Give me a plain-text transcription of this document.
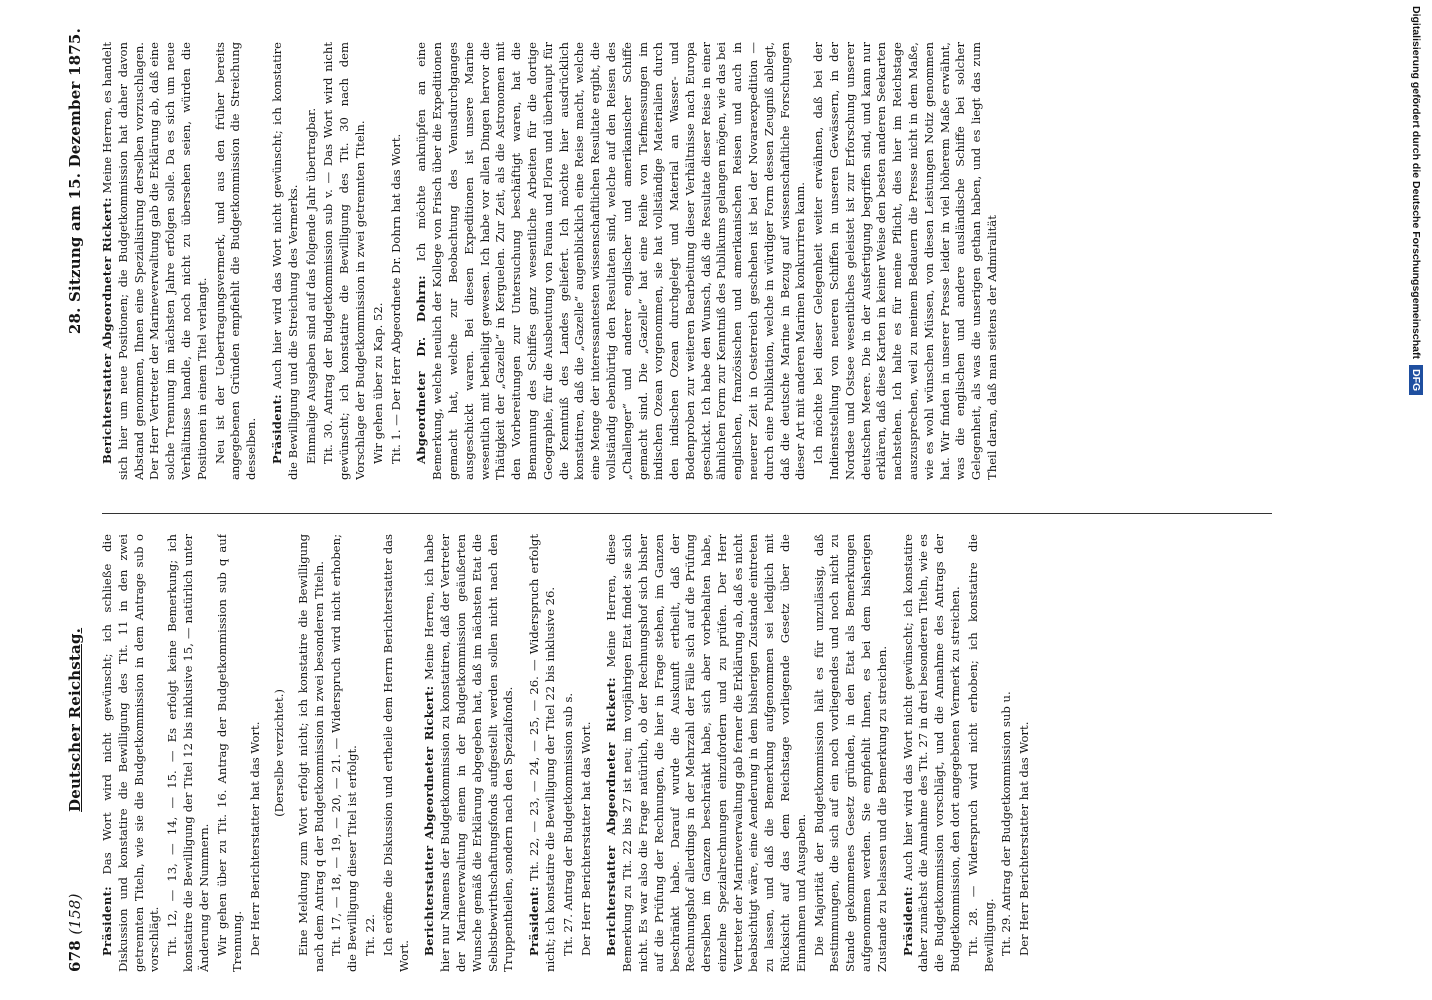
678 (158)
Deutscher Reichstag.
28. Sitzung am 15. Dezember 1875.

Präsident: Das Wort wird nicht gewünscht; ich schließe die Diskussion und konstatire die Bewilligung des Tit. 11 in den zwei getrennten Titeln, wie sie die Budgetkommission in dem Antrage sub o vorschlägt. Tit. 12, — 13, — 14, — 15. — Es erfolgt keine Bemerkung; ich konstatire die Bewilligung der Titel 12 bis inklusive 15, — natürlich unter Änderung der Nummern. Wir gehen über zu Tit. 16. Antrag der Budgetkommission sub q auf Trennung. Der Herr Berichterstatter hat das Wort. (Derselbe verzichtet.) Eine Meldung zum Wort erfolgt nicht; ich konstatire die Bewilligung nach dem Antrag q der Budgetkommission in zwei besonderen Titeln. Tit. 17, — 18, — 19, — 20, — 21. — Widerspruch wird nicht erhoben; die Bewilligung dieser Titel ist erfolgt. Tit. 22. Ich eröffne die Diskussion und ertheile dem Herrn Berichterstatter das Wort. Berichterstatter Abgeordneter Rickert: Meine Herren, ich habe hier nur Namens der Budgetkommission zu konstatiren, daß der Vertreter der Marineverwaltung einem in der Budgetkommission geäußerten Wunsche gemäß die Erklärung abgegeben hat, daß im nächsten Etat die Selbstbewirthschaftungsfonds aufgestellt werden sollen nicht nach den Truppentheilen, sondern nach den Spezialfonds. Präsident: Tit. 22, — 23, — 24, — 25, — 26. — Widerspruch erfolgt nicht; ich konstatire die Bewilligung der Titel 22 bis inklusive 26. Tit. 27. Antrag der Budgetkommission sub s. Der Herr Berichterstatter hat das Wort. Berichterstatter Abgeordneter Rickert: Meine Herren, diese Bemerkung zu Tit. 22 bis 27 ist neu; im vorjährigen Etat findet sie sich nicht. Es war also die Frage natürlich, ob der Rechnungshof sich bisher auf die Prüfung der Rechnungen, die hier in Frage stehen, im Ganzen beschränkt habe. Darauf wurde die Auskunft ertheilt, daß der Rechnungshof allerdings in der Mehrzahl der Fälle sich auf die Prüfung derselben im Ganzen beschränkt habe, sich aber vorbehalten habe, einzelne Spezialrechnungen einzufordern und zu prüfen. Der Herr Vertreter der Marineverwaltung gab ferner die Erklärung ab, daß es nicht beabsichtigt wäre, eine Aenderung in dem bisherigen Zustande eintreten zu lassen, und daß die Bemerkung aufgenommen sei lediglich mit Rücksicht auf das dem Reichstage vorliegende Gesetz über die Einnahmen und Ausgaben. Die Majorität der Budgetkommission hält es für unzulässig, daß Bestimmungen, die sich auf ein noch vorliegendes und noch nicht zu Stande gekommenes Gesetz gründen, in den Etat als Bemerkungen aufgenommen werden. Sie empfiehlt Ihnen, es bei dem bisherigen Zustande zu belassen und die Bemerkung zu streichen. Präsident: Auch hier wird das Wort nicht gewünscht; ich konstatire daher zunächst die Annahme des Tit. 27 in drei besonderen Titeln, wie es die Budgetkommission vorschlägt, und die Annahme des Antrags der Budgetkommission, den dort angegebenen Vermerk zu streichen. Tit. 28. — Widerspruch wird nicht erhoben; ich konstatire die Bewilligung. Tit. 29. Antrag der Budgetkommission sub u. Der Herr Berichterstatter hat das Wort.

Berichterstatter Abgeordneter Rickert: Meine Herren, es handelt sich hier um neue Positionen; die Budgetkommission hat daher davon Abstand genommen, Ihnen eine Spezialisirung derselben vorzuschlagen. Der Herr Vertreter der Marineverwaltung gab die Erklärung ab, daß eine solche Trennung im nächsten Jahre erfolgen solle. Da es sich um neue Verhältnisse handle, die noch nicht zu übersehen seien, würden die Positionen in einem Titel verlangt. Neu ist der Uebertragungsvermerk, und aus den früher bereits angegebenen Gründen empfiehlt die Budgetkommission die Streichung desselben. Präsident: Auch hier wird das Wort nicht gewünscht; ich konstatire die Bewilligung und die Streichung des Vermerks. Einmalige Ausgaben sind auf das folgende Jahr übertragbar. Tit. 30. Antrag der Budgetkommission sub v. — Das Wort wird nicht gewünscht; ich konstatire die Bewilligung des Tit. 30 nach dem Vorschlage der Budgetkommission in zwei getrennten Titeln. Wir gehen über zu Kap. 52. Tit. 1. — Der Herr Abgeordnete Dr. Dohrn hat das Wort. Abgeordneter Dr. Dohrn: Ich möchte anknüpfen an eine Bemerkung, welche neulich der Kollege von Frisch über die Expeditionen gemacht hat, welche zur Beobachtung des Venusdurchganges ausgeschickt waren. Bei diesen Expeditionen ist unsere Marine wesentlich mit betheiligt gewesen. Ich habe vor allen Dingen hervor die Thätigkeit der „Gazelle“ in Kerguelen. Zur Zeit, als die Astronomen mit den Vorbereitungen zur Untersuchung beschäftigt waren, hat die Bemannung des Schiffes ganz wesentliche Arbeiten für die dortige Geographie, für die Ausbeutung von Fauna und Flora und überhaupt für die Kenntniß des Landes geliefert. Ich möchte hier ausdrücklich konstatiren, daß die „Gazelle“ augenblicklich eine Reise macht, welche eine Menge der interessantesten wissenschaftlichen Resultate ergibt, die vollständig ebenbürtig den Resultaten sind, welche auf den Reisen des „Challenger“ und anderer englischer und amerikanischer Schiffe gemacht sind. Die „Gazelle“ hat eine Reihe von Tiefmessungen im indischen Ozean vorgenommen, sie hat vollständige Materialien durch den indischen Ozean durchgelegt und Material an Wasser- und Bodenproben zur weiteren Bearbeitung dieser Verhältnisse nach Europa geschickt. Ich habe den Wunsch, daß die Resultate dieser Reise in einer ähnlichen Form zur Kenntniß des Publikums gelangen mögen, wie das bei englischen, französischen und amerikanischen Reisen und auch in neuerer Zeit in Oesterreich geschehen ist bei der Novaraexpedition — durch eine Publikation, welche in würdiger Form dessen Zeugniß ablegt, daß die deutsche Marine in Bezug auf wissenschaftliche Forschungen dieser Art mit anderen Marinen konkurriren kann. Ich möchte bei dieser Gelegenheit weiter erwähnen, daß bei der Indienststellung von neueren Schiffen in unseren Gewässern, in der Nordsee und Ostsee wesentliches geleistet ist zur Erforschung unserer deutschen Meere. Die in der Ausfertigung begriffen sind, und kann nur erklären, daß diese Karten in keiner Weise den besten anderen Seekarten nachstehen. Ich halte es für meine Pflicht, dies hier im Reichstage auszusprechen, weil zu meinem Bedauern die Presse nicht in dem Maße, wie es wohl wünschen Müssen, von diesen Leistungen Notiz genommen hat. Wir finden in unserer Presse leider in viel höherem Maße erwähnt, was die englischen und andere ausländische Schiffe bei solcher Gelegenheit, als was die unserigen gethan haben, und es liegt das zum Theil daran, daß man seitens der Admiralität	Digitalisierung gefördert durch die Deutsche ForschungsgemeinschaftDFG
